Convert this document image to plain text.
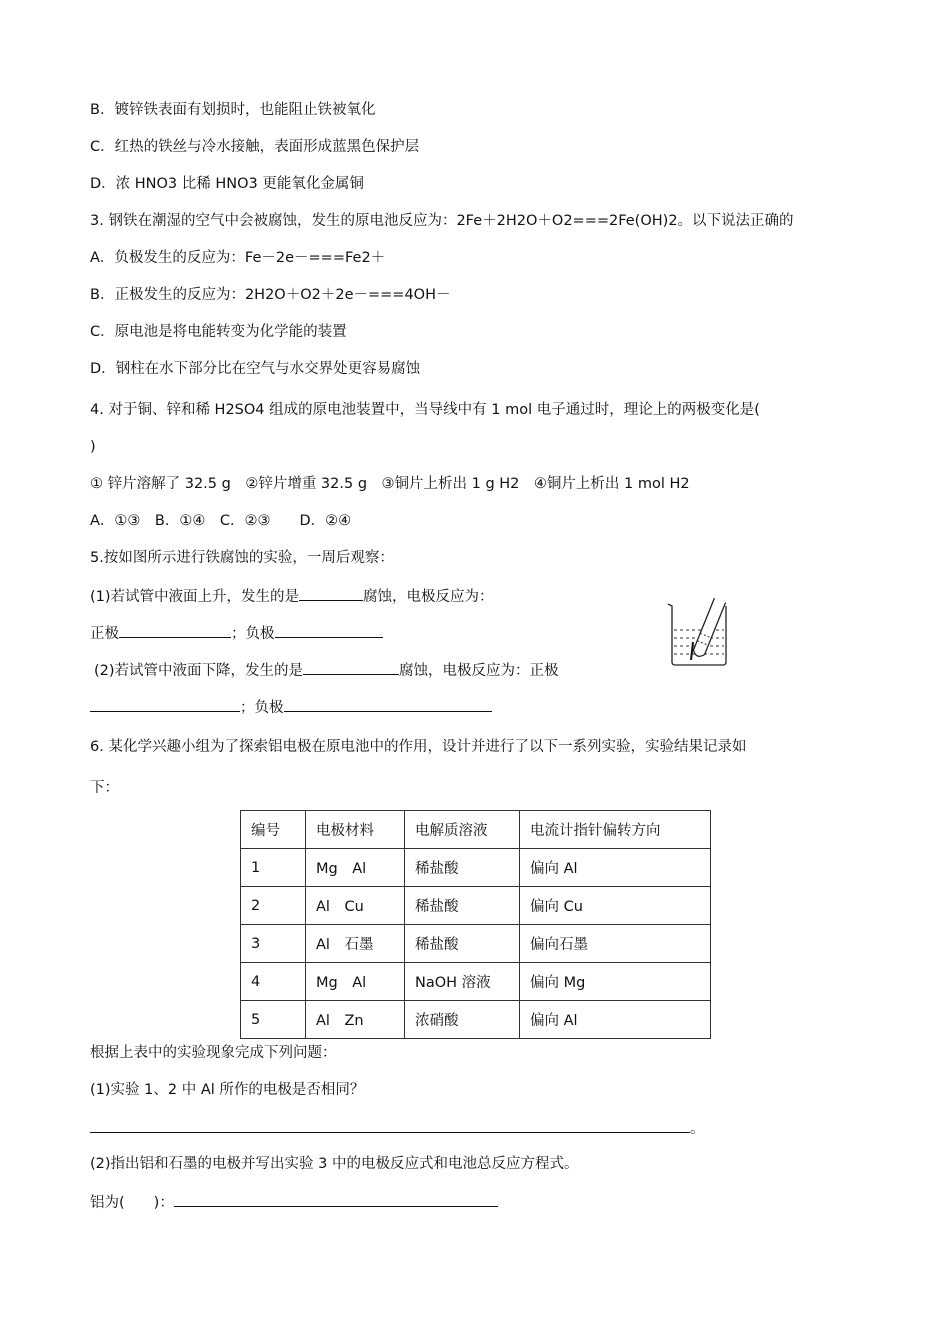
B．镀锌铁表面有划损时，也能阻止铁被氧化
C．红热的铁丝与冷水接触，表面形成蓝黑色保护层
D．浓 HNO3 比稀 HNO3 更能氧化金属铜
3. 钢铁在潮湿的空气中会被腐蚀，发生的原电池反应为：2Fe＋2H2O＋O2===2Fe(OH)2。以下说法正确的
A．负极发生的反应为：Fe－2e－===Fe2＋
B．正极发生的反应为：2H2O＋O2＋2e－===4OH－
C．原电池是将电能转变为化学能的装置
D．钢柱在水下部分比在空气与水交界处更容易腐蚀
4. 对于铜、锌和稀 H2SO4 组成的原电池装置中，当导线中有 1 mol 电子通过时，理论上的两极变化是(
)
① 锌片溶解了 32.5 g　②锌片增重 32.5 g　③铜片上析出 1 g H2　④铜片上析出 1 mol H2
A．①③　B．①④　C．②③　　D．②④
5.按如图所示进行铁腐蚀的实验，一周后观察：
(1)若试管中液面上升，发生的是	腐蚀，电极反应为：
正极	；负极
(2)若试管中液面下降，发生的是	腐蚀，电极反应为：正极
；负极
6. 某化学兴趣小组为了探索铝电极在原电池中的作用，设计并进行了以下一系列实验，实验结果记录如
下：
编号	电极材料	电解质溶液	电流计指针偏转方向
1	Mg　Al	稀盐酸	偏向 Al
2	Al　Cu	稀盐酸	偏向 Cu
3	Al　石墨	稀盐酸	偏向石墨
4	Mg　Al	NaOH 溶液	偏向 Mg
5	Al　Zn	浓硝酸	偏向 Al
根据上表中的实验现象完成下列问题：
(1)实验 1、2 中 Al 所作的电极是否相同？
。
(2)指出铝和石墨的电极并写出实验 3 中的电极反应式和电池总反应方程式。
铝为(　　)：
